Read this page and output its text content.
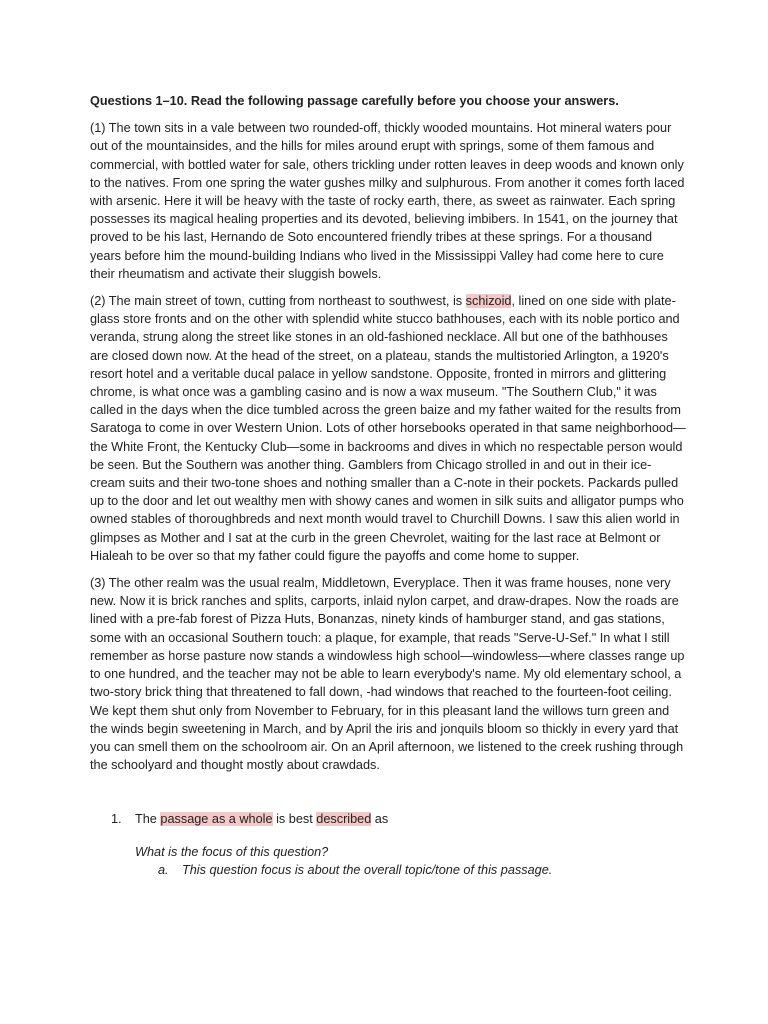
Questions 1–10. Read the following passage carefully before you choose your answers.

(1) The town sits in a vale between two rounded-off, thickly wooded mountains. Hot mineral waters pour out of the mountainsides, and the hills for miles around erupt with springs, some of them famous and commercial, with bottled water for sale, others trickling under rotten leaves in deep woods and known only to the natives. From one spring the water gushes milky and sulphurous. From another it comes forth laced with arsenic. Here it will be heavy with the taste of rocky earth, there, as sweet as rainwater. Each spring possesses its magical healing properties and its devoted, believing imbibers. In 1541, on the journey that proved to be his last, Hernando de Soto encountered friendly tribes at these springs. For a thousand years before him the mound-building Indians who lived in the Mississippi Valley had come here to cure their rheumatism and activate their sluggish bowels.

(2) The main street of town, cutting from northeast to southwest, is schizoid, lined on one side with plate-glass store fronts and on the other with splendid white stucco bathhouses, each with its noble portico and veranda, strung along the street like stones in an old-fashioned necklace. All but one of the bathhouses are closed down now. At the head of the street, on a plateau, stands the multistoried Arlington, a 1920's resort hotel and a veritable ducal palace in yellow sandstone. Opposite, fronted in mirrors and glittering chrome, is what once was a gambling casino and is now a wax museum. "The Southern Club," it was called in the days when the dice tumbled across the green baize and my father waited for the results from Saratoga to come in over Western Union. Lots of other horsebooks operated in that same neighborhood—the White Front, the Kentucky Club—some in backrooms and dives in which no respectable person would be seen. But the Southern was another thing. Gamblers from Chicago strolled in and out in their ice-cream suits and their two-tone shoes and nothing smaller than a C-note in their pockets. Packards pulled up to the door and let out wealthy men with showy canes and women in silk suits and alligator pumps who owned stables of thoroughbreds and next month would travel to Churchill Downs. I saw this alien world in glimpses as Mother and I sat at the curb in the green Chevrolet, waiting for the last race at Belmont or Hialeah to be over so that my father could figure the payoffs and come home to supper.

(3) The other realm was the usual realm, Middletown, Everyplace. Then it was frame houses, none very new. Now it is brick ranches and splits, carports, inlaid nylon carpet, and draw-drapes. Now the roads are lined with a pre-fab forest of Pizza Huts, Bonanzas, ninety kinds of hamburger stand, and gas stations, some with an occasional Southern touch: a plaque, for example, that reads "Serve-U-Sef." In what I still remember as horse pasture now stands a windowless high school—windowless—where classes range up to one hundred, and the teacher may not be able to learn everybody's name. My old elementary school, a two-story brick thing that threatened to fall down, -had windows that reached to the fourteen-foot ceiling. We kept them shut only from November to February, for in this pleasant land the willows turn green and the winds begin sweetening in March, and by April the iris and jonquils bloom so thickly in every yard that you can smell them on the schoolroom air. On an April afternoon, we listened to the creek rushing through the schoolyard and thought mostly about crawdads.

1. The passage as a whole is best described as
What is the focus of this question?
a. This question focus is about the overall topic/tone of this passage.
